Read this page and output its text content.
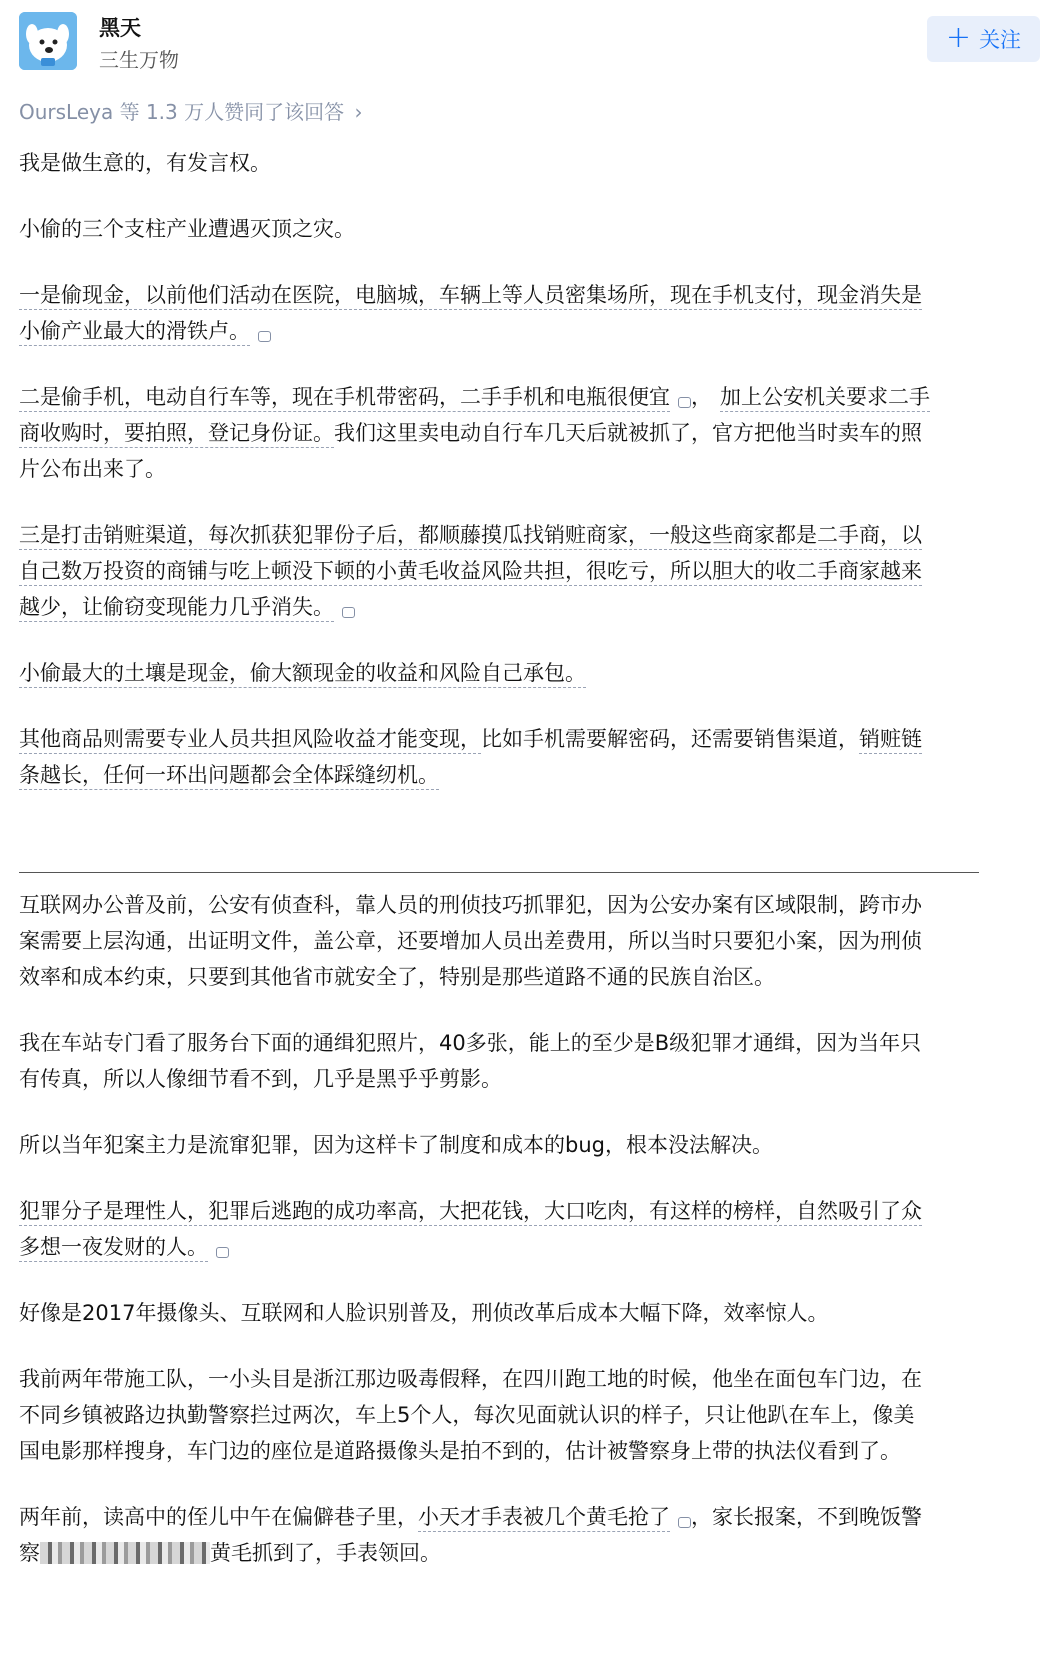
黑天
三生万物
+ 关注
OursLeya 等 1.3 万人赞同了该回答 ›
我是做生意的，有发言权。
小偷的三个支柱产业遭遇灭顶之灾。
一是偷现金，以前他们活动在医院，电脑城，车辆上等人员密集场所，现在手机支付，现金消失是
小偷产业最大的滑铁卢。
二是偷手机，电动自行车等，现在手机带密码，二手手机和电瓶很便宜 ， 加上公安机关要求二手
商收购时，要拍照，登记身份证。我们这里卖电动自行车几天后就被抓了，官方把他当时卖车的照
片公布出来了。
三是打击销赃渠道，每次抓获犯罪份子后，都顺藤摸瓜找销赃商家，一般这些商家都是二手商，以
自己数万投资的商铺与吃上顿没下顿的小黄毛收益风险共担，很吃亏，所以胆大的收二手商家越来
越少，让偷窃变现能力几乎消失。
小偷最大的土壤是现金，偷大额现金的收益和风险自己承包。
其他商品则需要专业人员共担风险收益才能变现，比如手机需要解密码，还需要销售渠道，销赃链
条越长，任何一环出问题都会全体踩缝纫机。
互联网办公普及前，公安有侦查科，靠人员的刑侦技巧抓罪犯，因为公安办案有区域限制，跨市办
案需要上层沟通，出证明文件，盖公章，还要增加人员出差费用，所以当时只要犯小案，因为刑侦
效率和成本约束，只要到其他省市就安全了，特别是那些道路不通的民族自治区。
我在车站专门看了服务台下面的通缉犯照片，40多张，能上的至少是B级犯罪才通缉，因为当年只
有传真，所以人像细节看不到，几乎是黑乎乎剪影。
所以当年犯案主力是流窜犯罪，因为这样卡了制度和成本的bug，根本没法解决。
犯罪分子是理性人，犯罪后逃跑的成功率高，大把花钱，大口吃肉，有这样的榜样，自然吸引了众
多想一夜发财的人。
好像是2017年摄像头、互联网和人脸识别普及，刑侦改革后成本大幅下降，效率惊人。
我前两年带施工队，一小头目是浙江那边吸毒假释，在四川跑工地的时候，他坐在面包车门边，在
不同乡镇被路边执勤警察拦过两次，车上5个人，每次见面就认识的样子，只让他趴在车上，像美
国电影那样搜身，车门边的座位是道路摄像头是拍不到的，估计被警察身上带的执法仪看到了。
两年前，读高中的侄儿中午在偏僻巷子里，小天才手表被几个黄毛抢了 ，家长报案，不到晚饭警
察	黄毛抓到了，手表领回。
